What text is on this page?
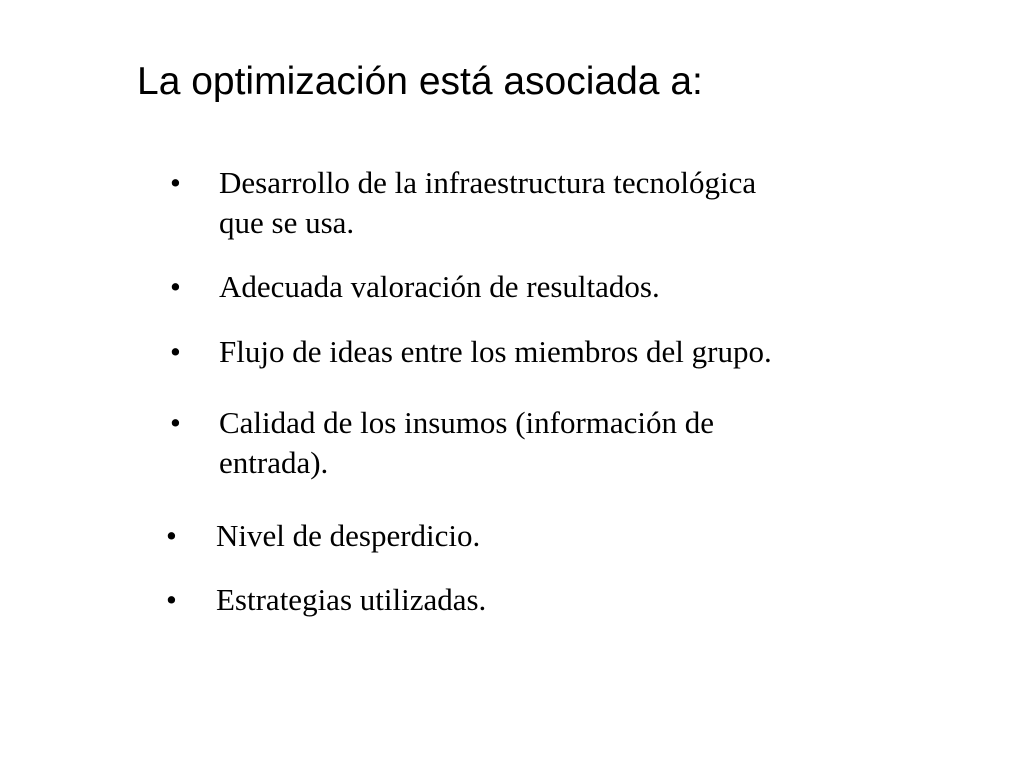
La optimización está asociada a:
• Desarrollo de la infraestructura tecnológica
que se usa.
• Adecuada valoración de resultados.
• Flujo de ideas entre los miembros del grupo.
• Calidad de los insumos (información de
entrada).
• Nivel de desperdicio.
• Estrategias utilizadas.
